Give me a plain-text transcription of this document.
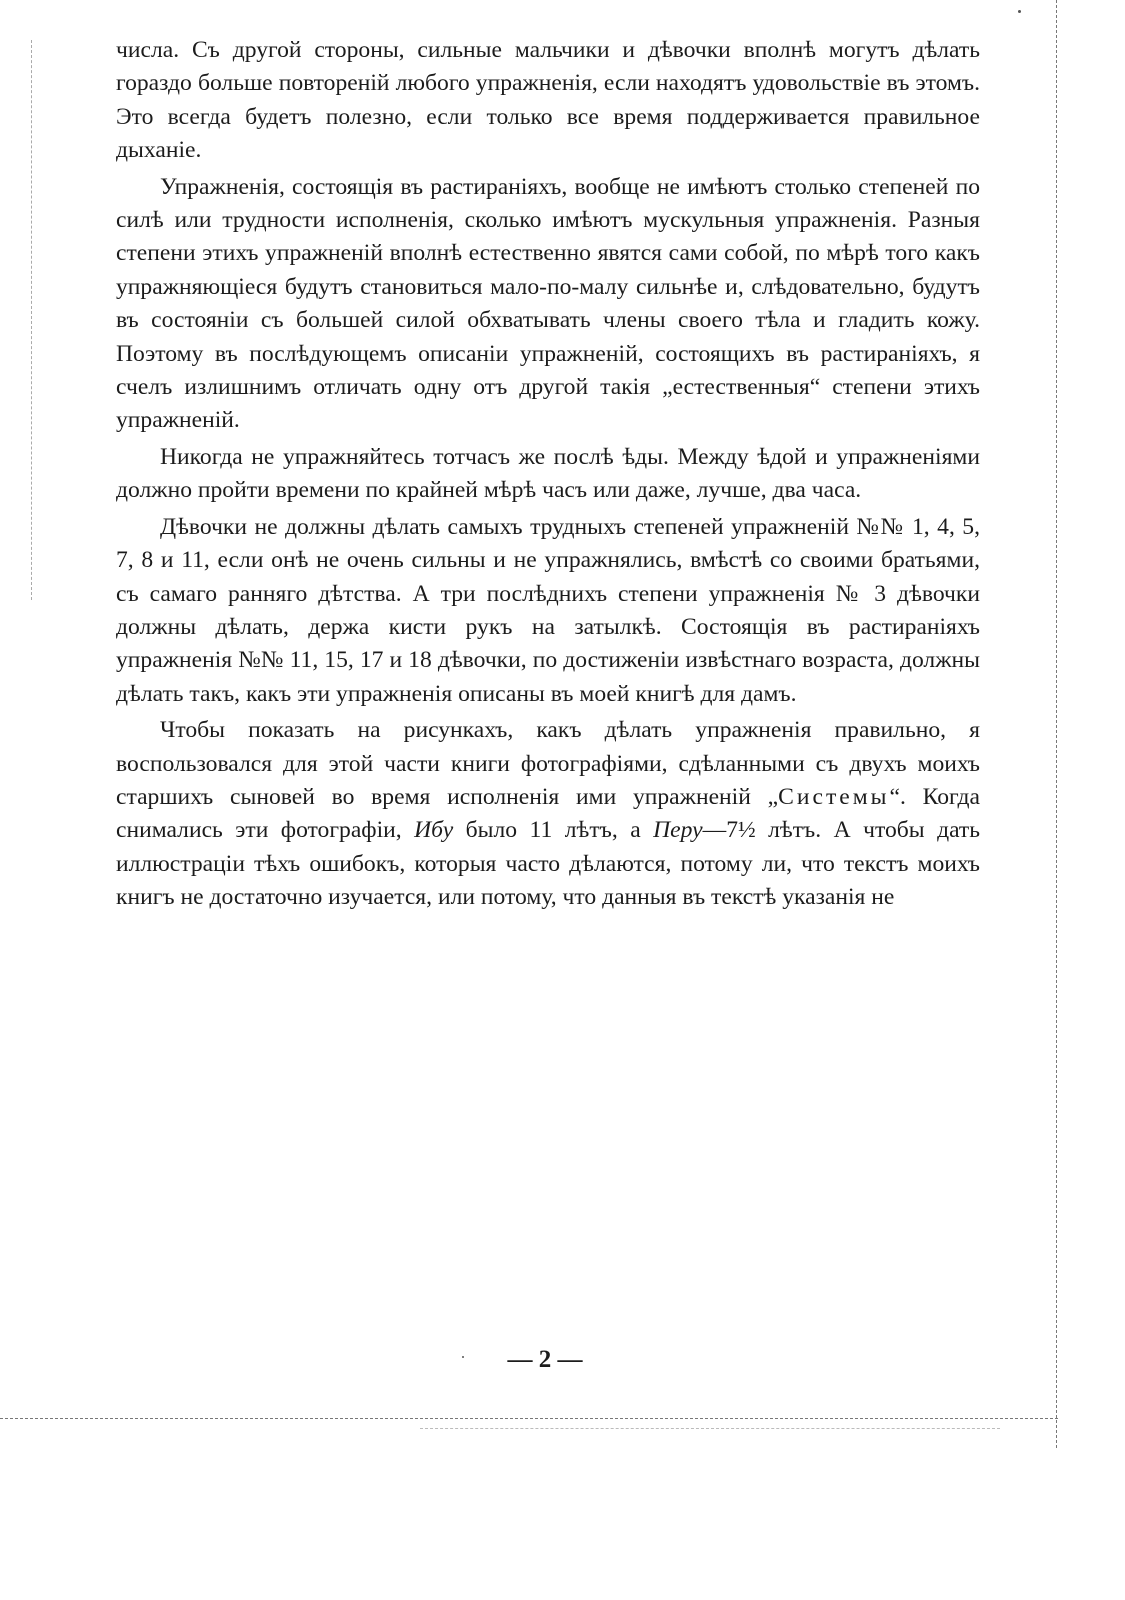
числа. Съ другой стороны, сильные мальчики и дѣвочки вполнѣ могутъ дѣлать гораздо больше повтореній любого упражненія, если находятъ удовольствіе въ этомъ. Это всегда будетъ полезно, если только все время поддерживается правильное дыханіе.

Упражненія, состоящія въ растираніяхъ, вообще не имѣютъ столько степеней по силѣ или трудности исполненія, сколько имѣютъ мускульныя упражненія. Разныя степени этихъ упражненій вполнѣ естественно явятся сами собой, по мѣрѣ того какъ упражняющіеся будутъ становиться мало-по-малу сильнѣе и, слѣдовательно, будутъ въ состояніи съ большей силой обхватывать члены своего тѣла и гладить кожу. Поэтому въ послѣдующемъ описаніи упражненій, состоящихъ въ растираніяхъ, я счелъ излишнимъ отличать одну отъ другой такія „естественныя“ степени этихъ упражненій.

Никогда не упражняйтесь тотчасъ же послѣ ѣды. Между ѣдой и упражненіями должно пройти времени по крайней мѣрѣ часъ или даже, лучше, два часа.

Дѣвочки не должны дѣлать самыхъ трудныхъ степеней упражненій №№ 1, 4, 5, 7, 8 и 11, если онѣ не очень сильны и не упражнялись, вмѣстѣ со своими братьями, съ самаго ранняго дѣтства. А три послѣднихъ степени упражненія № 3 дѣвочки должны дѣлать, держа кисти рукъ на затылкѣ. Состоящія въ растираніяхъ упражненія №№ 11, 15, 17 и 18 дѣвочки, по достиженіи извѣстнаго возраста, должны дѣлать такъ, какъ эти упражненія описаны въ моей книгѣ для дамъ.

Чтобы показать на рисункахъ, какъ дѣлать упражненія правильно, я воспользовался для этой части книги фотографіями, сдѣланными съ двухъ моихъ старшихъ сыновей во время исполненія ими упражненій „Системы“. Когда снимались эти фотографіи, Ибу было 11 лѣтъ, а Перу—7½ лѣтъ. А чтобы дать иллюстраціи тѣхъ ошибокъ, которыя часто дѣлаются, потому ли, что текстъ моихъ книгъ не достаточно изучается, или потому, что данныя въ текстѣ указанія не

— 2 —
